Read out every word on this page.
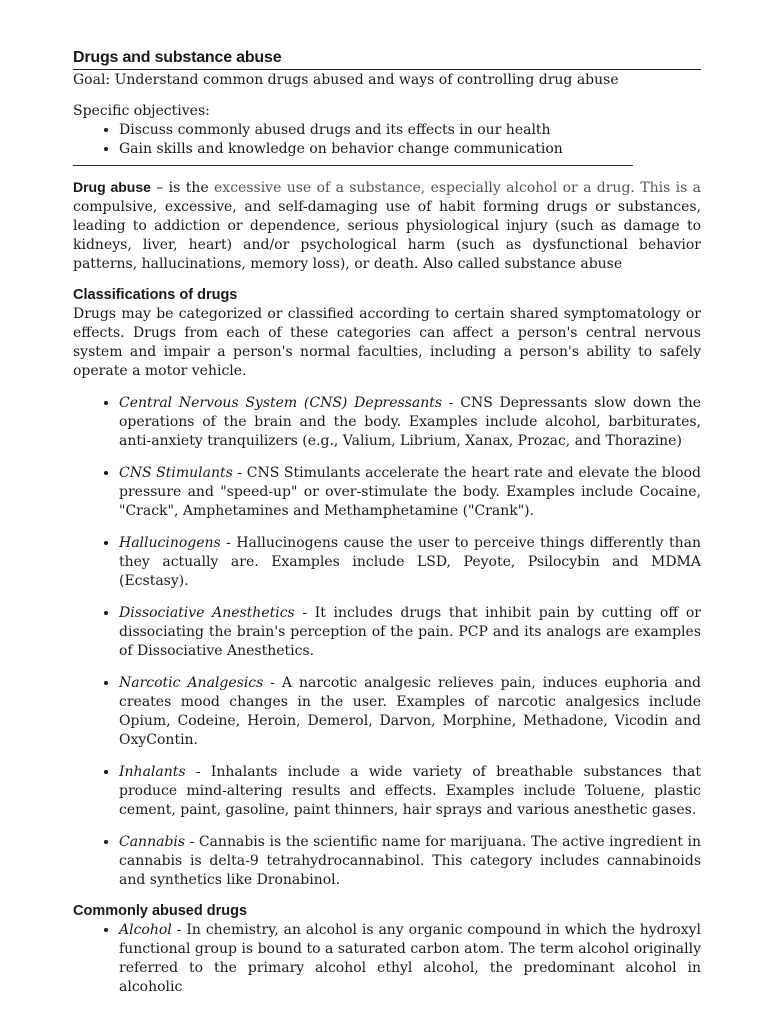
Drugs and substance abuse

Goal: Understand common drugs abused and ways of controlling drug abuse

Specific objectives:

• Discuss commonly abused drugs and its effects in our health
• Gain skills and knowledge on behavior change communication

Drug abuse – is the excessive use of a substance, especially alcohol or a drug. This is a compulsive, excessive, and self-damaging use of habit forming drugs or substances, leading to addiction or dependence, serious physiological injury (such as damage to kidneys, liver, heart) and/or psychological harm (such as dysfunctional behavior patterns, hallucinations, memory loss), or death. Also called substance abuse

Classifications of drugs

Drugs may be categorized or classified according to certain shared symptomatology or effects. Drugs from each of these categories can affect a person's central nervous system and impair a person's normal faculties, including a person's ability to safely operate a motor vehicle.

• Central Nervous System (CNS) Depressants - CNS Depressants slow down the operations of the brain and the body. Examples include alcohol, barbiturates, anti-anxiety tranquilizers (e.g., Valium, Librium, Xanax, Prozac, and Thorazine)
• CNS Stimulants - CNS Stimulants accelerate the heart rate and elevate the blood pressure and "speed-up" or over-stimulate the body. Examples include Cocaine, "Crack", Amphetamines and Methamphetamine ("Crank").
• Hallucinogens - Hallucinogens cause the user to perceive things differently than they actually are. Examples include LSD, Peyote, Psilocybin and MDMA (Ecstasy).
• Dissociative Anesthetics - It includes drugs that inhibit pain by cutting off or dissociating the brain's perception of the pain. PCP and its analogs are examples of Dissociative Anesthetics.
• Narcotic Analgesics - A narcotic analgesic relieves pain, induces euphoria and creates mood changes in the user. Examples of narcotic analgesics include Opium, Codeine, Heroin, Demerol, Darvon, Morphine, Methadone, Vicodin and OxyContin.
• Inhalants - Inhalants include a wide variety of breathable substances that produce mind-altering results and effects. Examples include Toluene, plastic cement, paint, gasoline, paint thinners, hair sprays and various anesthetic gases.
• Cannabis - Cannabis is the scientific name for marijuana. The active ingredient in cannabis is delta-9 tetrahydrocannabinol. This category includes cannabinoids and synthetics like Dronabinol.
Commonly abused drugs
• Alcohol - In chemistry, an alcohol is any organic compound in which the hydroxyl functional group is bound to a saturated carbon atom. The term alcohol originally referred to the primary alcohol ethyl alcohol, the predominant alcohol in alcoholic
